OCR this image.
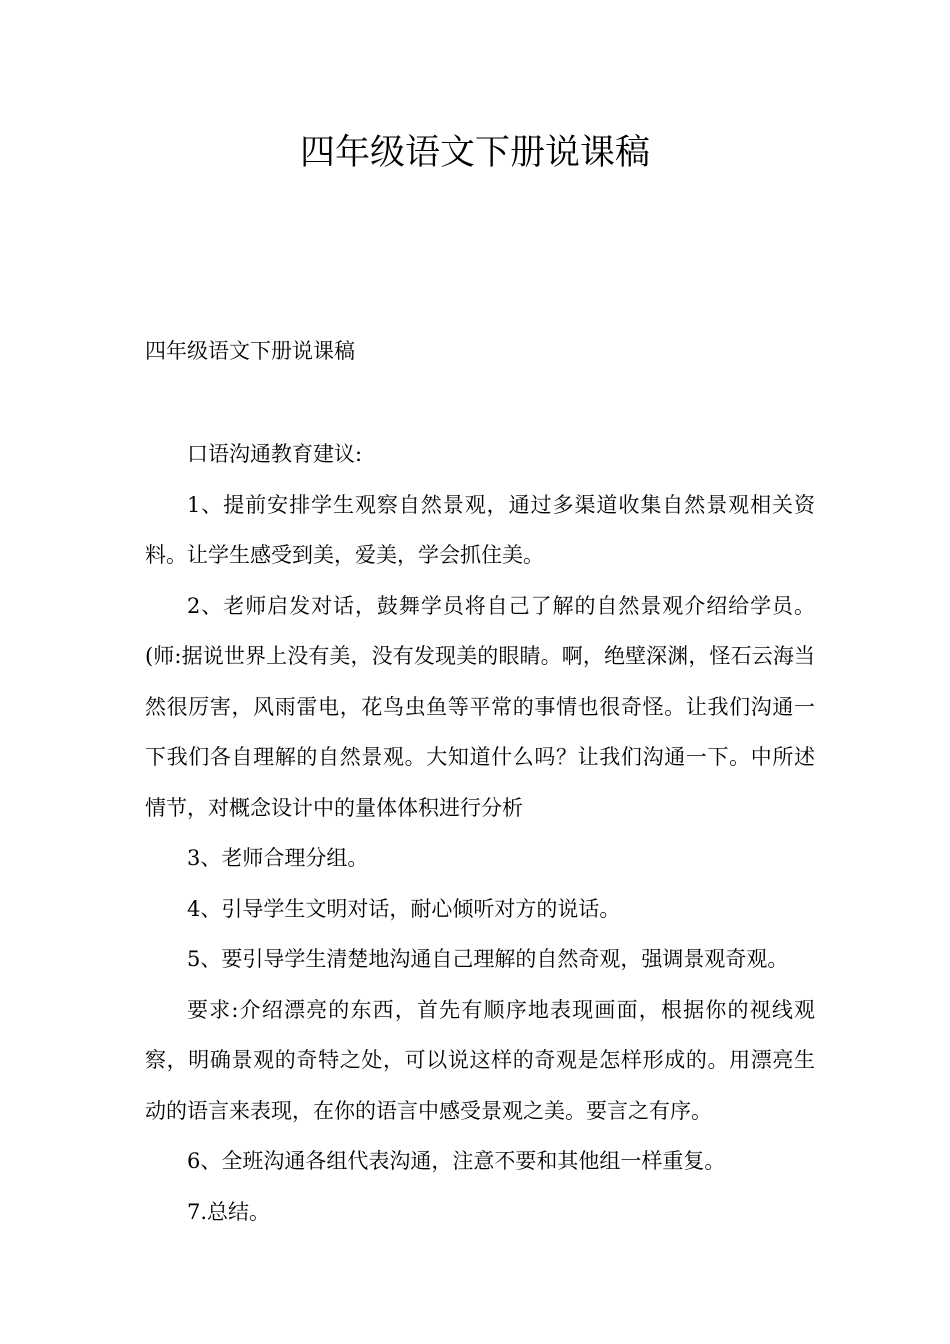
四年级语文下册说课稿
四年级语文下册说课稿

口语沟通教育建议:

1、提前安排学生观察自然景观，通过多渠道收集自然景观相关资料。让学生感受到美，爱美，学会抓住美。

2、老师启发对话，鼓舞学员将自己了解的自然景观介绍给学员。(师:据说世界上没有美，没有发现美的眼睛。啊，绝壁深渊，怪石云海当然很厉害，风雨雷电，花鸟虫鱼等平常的事情也很奇怪。让我们沟通一下我们各自理解的自然景观。大知道什么吗？让我们沟通一下。中所述情节，对概念设计中的量体体积进行分析

3、老师合理分组。

4、引导学生文明对话，耐心倾听对方的说话。

5、要引导学生清楚地沟通自己理解的自然奇观，强调景观奇观。

要求:介绍漂亮的东西，首先有顺序地表现画面，根据你的视线观察，明确景观的奇特之处，可以说这样的奇观是怎样形成的。用漂亮生动的语言来表现，在你的语言中感受景观之美。要言之有序。

6、全班沟通各组代表沟通，注意不要和其他组一样重复。

7.总结。
